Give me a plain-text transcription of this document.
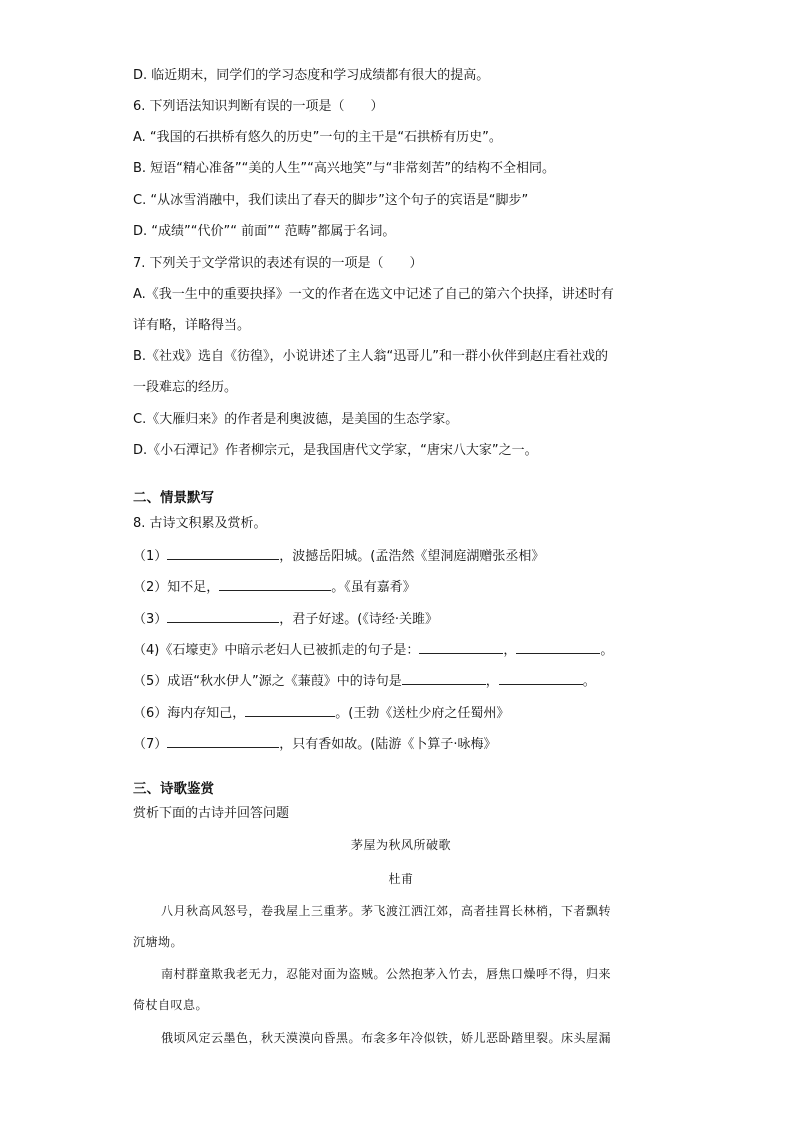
D. 临近期末，同学们的学习态度和学习成绩都有很大的提高。
6. 下列语法知识判断有误的一项是（　　）
A. “我国的石拱桥有悠久的历史”一句的主干是“石拱桥有历史”。
B. 短语“精心准备”“美的人生”“高兴地笑”与“非常刻苦”的结构不全相同。
C. “从冰雪消融中，我们读出了春天的脚步”这个句子的宾语是“脚步”
D. “成绩”“代价”“ 前面”“ 范畴”都属于名词。
7. 下列关于文学常识的表述有误的一项是（　　）
A.《我一生中的重要抉择》一文的作者在选文中记述了自己的第六个抉择，讲述时有
详有略，详略得当。
B.《社戏》选自《彷徨》，小说讲述了主人翁“迅哥儿”和一群小伙伴到赵庄看社戏的
一段难忘的经历。
C.《大雁归来》的作者是利奥波德，是美国的生态学家。
D.《小石潭记》作者柳宗元，是我国唐代文学家，“唐宋八大家”之一。
二、情景默写
8. 古诗文积累及赏析。
（1）	，波撼岳阳城。(孟浩然《望洞庭湖赠张丞相》
（2）知不足，	。《虽有嘉肴》
（3）	，君子好逑。(《诗经·关雎》
（4)《石壕吏》中暗示老妇人已被抓走的句子是：	，	。
（5）成语“秋水伊人”源之《蒹葭》中的诗句是	，	。
（6）海内存知己，	。(王勃《送杜少府之任蜀州》
（7）	，只有香如故。(陆游《卜算子·咏梅》
三、诗歌鉴赏
赏析下面的古诗并回答问题
茅屋为秋风所破歌
杜甫
八月秋高风怒号，卷我屋上三重茅。茅飞渡江洒江郊，高者挂罥长林梢，下者飘转
沉塘坳。
南村群童欺我老无力，忍能对面为盗贼。公然抱茅入竹去，唇焦口燥呼不得，归来
倚杖自叹息。
俄顷风定云墨色，秋天漠漠向昏黑。布衾多年冷似铁，娇儿恶卧踏里裂。床头屋漏
